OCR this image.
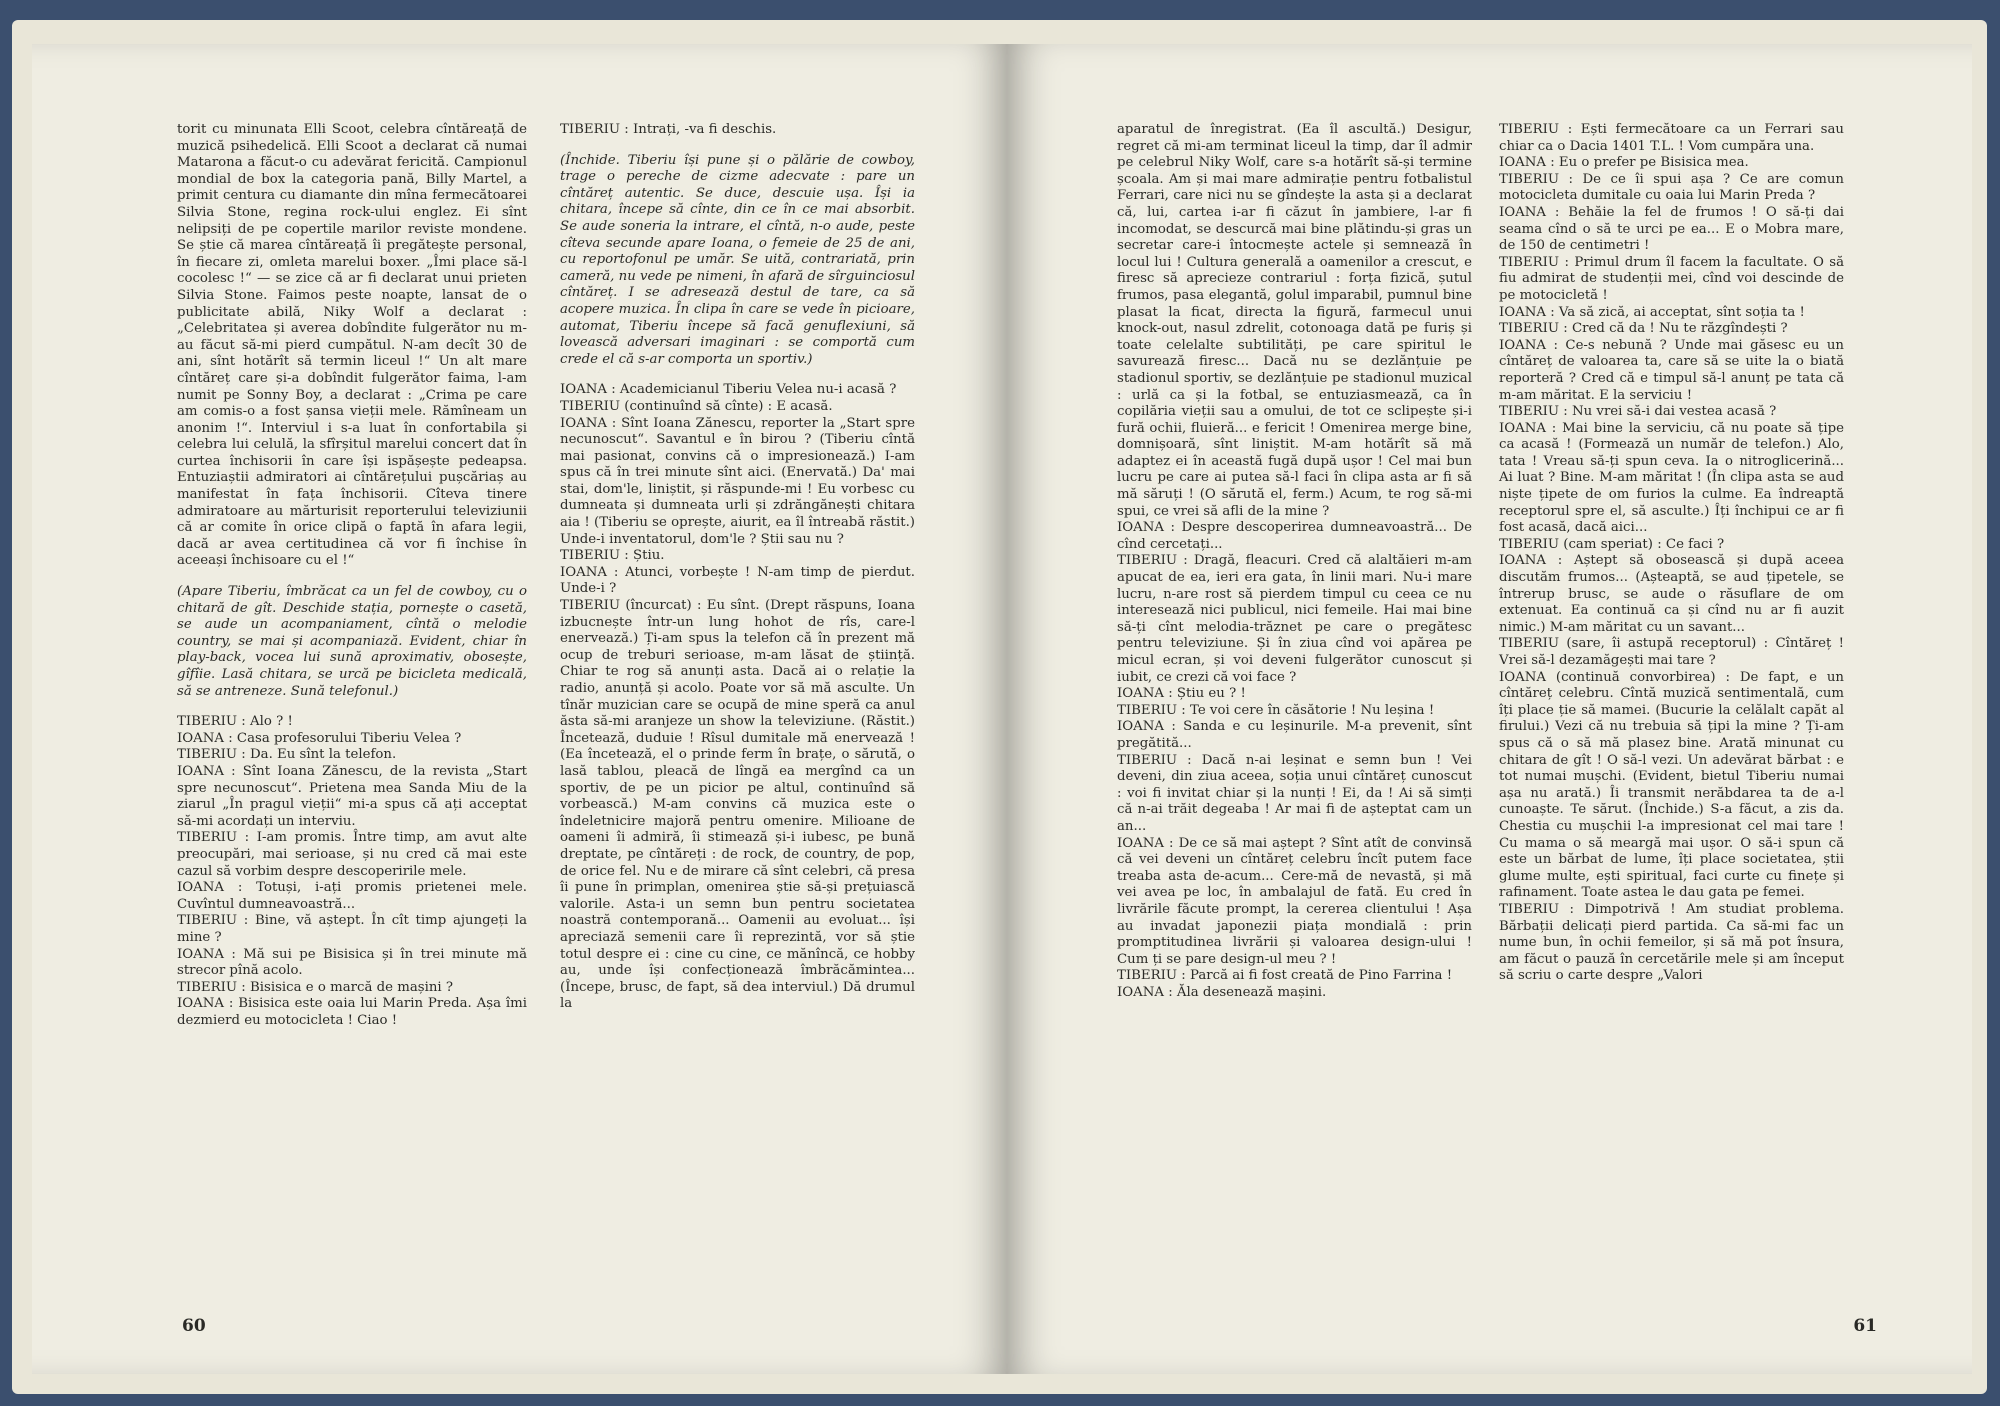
torit cu minunata Elli Scoot, celebra cîntăreață de muzică psihedelică. Elli Scoot a declarat că numai Matarona a făcut-o cu adevărat fericită. Campionul mondial de box la categoria pană, Billy Martel, a primit centura cu diamante din mîna fermecătoarei Silvia Stone, regina rock-ului englez. Ei sînt nelipsiți de pe copertile marilor reviste mondene. Se știe că marea cîntăreață îi pregătește personal, în fiecare zi, omleta marelui boxer. „Îmi place să-l cocolesc !“ — se zice că ar fi declarat unui prieten Silvia Stone. Faimos peste noapte, lansat de o publicitate abilă, Niky Wolf a declarat : „Celebritatea și averea dobîndite fulgerător nu m-au făcut să-mi pierd cumpătul. N-am decît 30 de ani, sînt hotărît să termin liceul !“ Un alt mare cîntăreț care și-a dobîndit fulgerător faima, l-am numit pe Sonny Boy, a declarat : „Crima pe care am comis-o a fost șansa vieții mele. Rămîneam un anonim !“. Interviul i s-a luat în confortabila și celebra lui celulă, la sfîrșitul marelui concert dat în curtea închisorii în care își ispășește pedeapsa. Entuziaștii admiratori ai cîntărețului pușcăriaș au manifestat în fața închisorii. Cîteva tinere admiratoare au mărturisit reporterului televiziunii că ar comite în orice clipă o faptă în afara legii, dacă ar avea certitudinea că vor fi închise în aceeași închisoare cu el !“

(Apare Tiberiu, îmbrăcat ca un fel de cowboy, cu o chitară de gît. Deschide stația, pornește o casetă, se aude un acompaniament, cîntă o melodie country, se mai și acompaniază. Evident, chiar în play-back, vocea lui sună aproximativ, obosește, gîfîie. Lasă chitara, se urcă pe bicicleta medicală, să se antreneze. Sună telefonul.)

TIBERIU : Alo ? !

IOANA : Casa profesorului Tiberiu Velea ?

TIBERIU : Da. Eu sînt la telefon.

IOANA : Sînt Ioana Zănescu, de la revista „Start spre necunoscut“. Prietena mea Sanda Miu de la ziarul „În pragul vieții“ mi-a spus că ați acceptat să-mi acordați un interviu.

TIBERIU : I-am promis. Între timp, am avut alte preocupări, mai serioase, și nu cred că mai este cazul să vorbim despre descoperirile mele.

IOANA : Totuși, i-ați promis prietenei mele. Cuvîntul dumneavoastră...

TIBERIU : Bine, vă aștept. În cît timp ajungeți la mine ?

IOANA : Mă sui pe Bisisica și în trei minute mă strecor pînă acolo.

TIBERIU : Bisisica e o marcă de mașini ?

IOANA : Bisisica este oaia lui Marin Preda. Așa îmi dezmierd eu motocicleta ! Ciao !

TIBERIU : Intrați, -va fi deschis.

(Închide. Tiberiu își pune și o pălărie de cowboy, trage o pereche de cizme adecvate : pare un cîntăreț autentic. Se duce, descuie ușa. Își ia chitara, începe să cînte, din ce în ce mai absorbit. Se aude soneria la intrare, el cîntă, n-o aude, peste cîteva secunde apare Ioana, o femeie de 25 de ani, cu reportofonul pe umăr. Se uită, contrariată, prin cameră, nu vede pe nimeni, în afară de sîrguinciosul cîntăreț. I se adresează destul de tare, ca să acopere muzica. În clipa în care se vede în picioare, automat, Tiberiu începe să facă genuflexiuni, să lovească adversari imaginari : se comportă cum crede el că s-ar comporta un sportiv.)

IOANA : Academicianul Tiberiu Velea nu-i acasă ?

TIBERIU (continuînd să cînte) : E acasă.

IOANA : Sînt Ioana Zănescu, reporter la „Start spre necunoscut“. Savantul e în birou ? (Tiberiu cîntă mai pasionat, convins că o impresionează.) I-am spus că în trei minute sînt aici. (Enervată.) Da' mai stai, dom'le, liniștit, și răspunde-mi ! Eu vorbesc cu dumneata și dumneata urli și zdrăngănești chitara aia ! (Tiberiu se oprește, aiurit, ea îl întreabă răstit.) Unde-i inventatorul, dom'le ? Știi sau nu ?

TIBERIU : Știu.

IOANA : Atunci, vorbește ! N-am timp de pierdut. Unde-i ?

TIBERIU (încurcat) : Eu sînt. (Drept răspuns, Ioana izbucnește într-un lung hohot de rîs, care-l enervează.) Ți-am spus la telefon că în prezent mă ocup de treburi serioase, m-am lăsat de știință. Chiar te rog să anunți asta. Dacă ai o relație la radio, anunță și acolo. Poate vor să mă asculte. Un tînăr muzician care se ocupă de mine speră ca anul ăsta să-mi aranjeze un show la televiziune. (Răstit.) Încetează, duduie ! Rîsul dumitale mă enervează ! (Ea încetează, el o prinde ferm în brațe, o sărută, o lasă tablou, pleacă de lîngă ea mergînd ca un sportiv, de pe un picior pe altul, continuînd să vorbească.) M-am convins că muzica este o îndeletnicire majoră pentru omenire. Milioane de oameni îi admiră, îi stimează și-i iubesc, pe bună dreptate, pe cîntăreți : de rock, de country, de pop, de orice fel. Nu e de mirare că sînt celebri, că presa îi pune în primplan, omenirea știe să-și prețuiască valorile. Asta-i un semn bun pentru societatea noastră contemporană... Oamenii au evoluat... își apreciază semenii care îi reprezintă, vor să știe totul despre ei : cine cu cine, ce mănîncă, ce hobby au, unde își confecționează îmbrăcămintea... (Începe, brusc, de fapt, să dea interviul.) Dă drumul la

60

aparatul de înregistrat. (Ea îl ascultă.) Desigur, regret că mi-am terminat liceul la timp, dar îl admir pe celebrul Niky Wolf, care s-a hotărît să-și termine școala. Am și mai mare admirație pentru fotbalistul Ferrari, care nici nu se gîndește la asta și a declarat că, lui, cartea i-ar fi căzut în jambiere, l-ar fi incomodat, se descurcă mai bine plătindu-și gras un secretar care-i întocmește actele și semnează în locul lui ! Cultura generală a oamenilor a crescut, e firesc să aprecieze contrariul : forța fizică, șutul frumos, pasa elegantă, golul imparabil, pumnul bine plasat la ficat, directa la figură, farmecul unui knock-out, nasul zdrelit, cotonoaga dată pe furiș și toate celelalte subtilități, pe care spiritul le savurează firesc... Dacă nu se dezlănțuie pe stadionul sportiv, se dezlănțuie pe stadionul muzical : urlă ca și la fotbal, se entuziasmează, ca în copilăria vieții sau a omului, de tot ce sclipește și-i fură ochii, fluieră... e fericit ! Omenirea merge bine, domnișoară, sînt liniștit. M-am hotărît să mă adaptez ei în această fugă după ușor ! Cel mai bun lucru pe care ai putea să-l faci în clipa asta ar fi să mă săruți ! (O sărută el, ferm.) Acum, te rog să-mi spui, ce vrei să afli de la mine ?

IOANA : Despre descoperirea dumneavoastră... De cînd cercetați...

TIBERIU : Dragă, fleacuri. Cred că alaltăieri m-am apucat de ea, ieri era gata, în linii mari. Nu-i mare lucru, n-are rost să pierdem timpul cu ceea ce nu interesează nici publicul, nici femeile. Hai mai bine să-ți cînt melodia-trăznet pe care o pregătesc pentru televiziune. Și în ziua cînd voi apărea pe micul ecran, și voi deveni fulgerător cunoscut și iubit, ce crezi că voi face ?

IOANA : Știu eu ? !

TIBERIU : Te voi cere în căsătorie ! Nu leșina !

IOANA : Sanda e cu leșinurile. M-a prevenit, sînt pregătită...

TIBERIU : Dacă n-ai leșinat e semn bun ! Vei deveni, din ziua aceea, soția unui cîntăreț cunoscut : voi fi invitat chiar și la nunți ! Ei, da ! Ai să simți că n-ai trăit degeaba ! Ar mai fi de așteptat cam un an...

IOANA : De ce să mai aștept ? Sînt atît de convinsă că vei deveni un cîntăreț celebru încît putem face treaba asta de-acum... Cere-mă de nevastă, și mă vei avea pe loc, în ambalajul de fată. Eu cred în livrările făcute prompt, la cererea clientului ! Așa au invadat japonezii piața mondială : prin promptitudinea livrării și valoarea design-ului ! Cum ți se pare design-ul meu ? !

TIBERIU : Parcă ai fi fost creată de Pino Farrina !

IOANA : Ăla desenează mașini.

TIBERIU : Ești fermecătoare ca un Ferrari sau chiar ca o Dacia 1401 T.L. ! Vom cumpăra una.

IOANA : Eu o prefer pe Bisisica mea.

TIBERIU : De ce îi spui așa ? Ce are comun motocicleta dumitale cu oaia lui Marin Preda ?

IOANA : Behăie la fel de frumos ! O să-ți dai seama cînd o să te urci pe ea... E o Mobra mare, de 150 de centimetri !

TIBERIU : Primul drum îl facem la facultate. O să fiu admirat de studenții mei, cînd voi descinde de pe motocicletă !

IOANA : Va să zică, ai acceptat, sînt soția ta !

TIBERIU : Cred că da ! Nu te răzgîndești ?

IOANA : Ce-s nebună ? Unde mai găsesc eu un cîntăreț de valoarea ta, care să se uite la o biată reporteră ? Cred că e timpul să-l anunț pe tata că m-am măritat. E la serviciu !

TIBERIU : Nu vrei să-i dai vestea acasă ?

IOANA : Mai bine la serviciu, că nu poate să țipe ca acasă ! (Formează un număr de telefon.) Alo, tata ! Vreau să-ți spun ceva. Ia o nitroglicerină... Ai luat ? Bine. M-am măritat ! (În clipa asta se aud niște țipete de om furios la culme. Ea îndreaptă receptorul spre el, să asculte.) Îți închipui ce ar fi fost acasă, dacă aici...

TIBERIU (cam speriat) : Ce faci ?

IOANA : Aștept să obosească și după aceea discutăm frumos... (Așteaptă, se aud țipetele, se întrerup brusc, se aude o răsuflare de om extenuat. Ea continuă ca și cînd nu ar fi auzit nimic.) M-am măritat cu un savant...

TIBERIU (sare, îi astupă receptorul) : Cîntăreț ! Vrei să-l dezamăgești mai tare ?

IOANA (continuă convorbirea) : De fapt, e un cîntăreț celebru. Cîntă muzică sentimentală, cum îți place ție să mamei. (Bucurie la celălalt capăt al firului.) Vezi că nu trebuia să țipi la mine ? Ți-am spus că o să mă plasez bine. Arată minunat cu chitara de gît ! O să-l vezi. Un adevărat bărbat : e tot numai mușchi. (Evident, bietul Tiberiu numai așa nu arată.) Îi transmit nerăbdarea ta de a-l cunoaște. Te sărut. (Închide.) S-a făcut, a zis da. Chestia cu mușchii l-a impresionat cel mai tare ! Cu mama o să meargă mai ușor. O să-i spun că este un bărbat de lume, îți place societatea, știi glume multe, ești spiritual, faci curte cu finețe și rafinament. Toate astea le dau gata pe femei.

TIBERIU : Dimpotrivă ! Am studiat problema. Bărbații delicați pierd partida. Ca să-mi fac un nume bun, în ochii femeilor, și să mă pot însura, am făcut o pauză în cercetările mele și am început să scriu o carte despre „Valori

61
